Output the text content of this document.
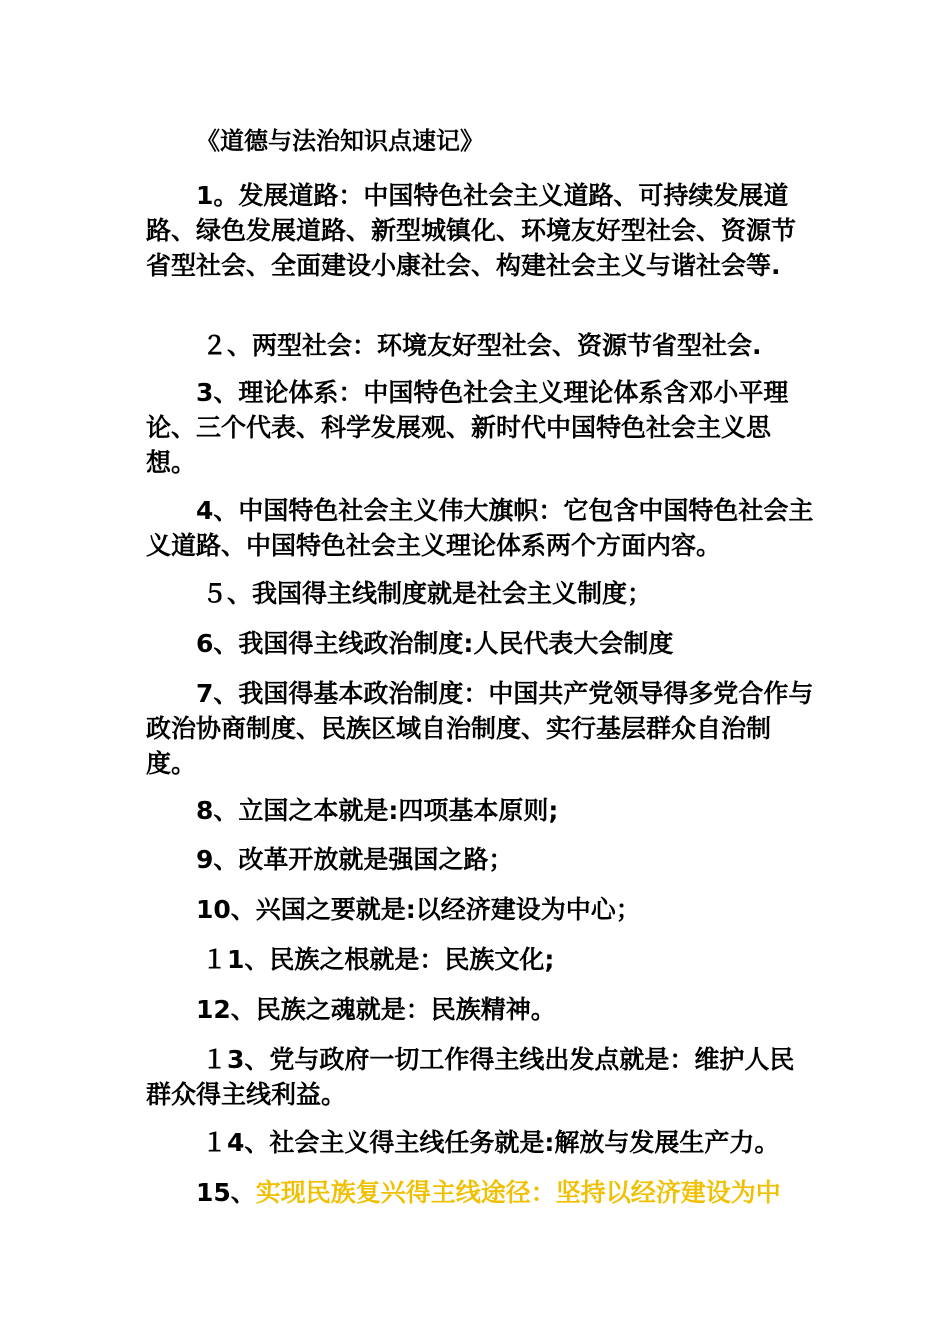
《道德与法治知识点速记》
1。发展道路：中国特色社会主义道路、可持续发展道路、绿色发展道路、新型城镇化、环境友好型社会、资源节省型社会、全面建设小康社会、构建社会主义与谐社会等.
２、两型社会：环境友好型社会、资源节省型社会.
3、理论体系：中国特色社会主义理论体系含邓小平理论、三个代表、科学发展观、新时代中国特色社会主义思想。
4、中国特色社会主义伟大旗帜：它包含中国特色社会主义道路、中国特色社会主义理论体系两个方面内容。
５、我国得主线制度就是社会主义制度；
6、我国得主线政治制度:人民代表大会制度
7、我国得基本政治制度：中国共产党领导得多党合作与政治协商制度、民族区域自治制度、实行基层群众自治制度。
8、立国之本就是:四项基本原则;
9、改革开放就是强国之路；
10、兴国之要就是:以经济建设为中心；
１1、民族之根就是：民族文化;
12、民族之魂就是：民族精神。
１3、党与政府一切工作得主线出发点就是：维护人民群众得主线利益。
１4、社会主义得主线任务就是:解放与发展生产力。
15、实现民族复兴得主线途径：坚持以经济建设为中
